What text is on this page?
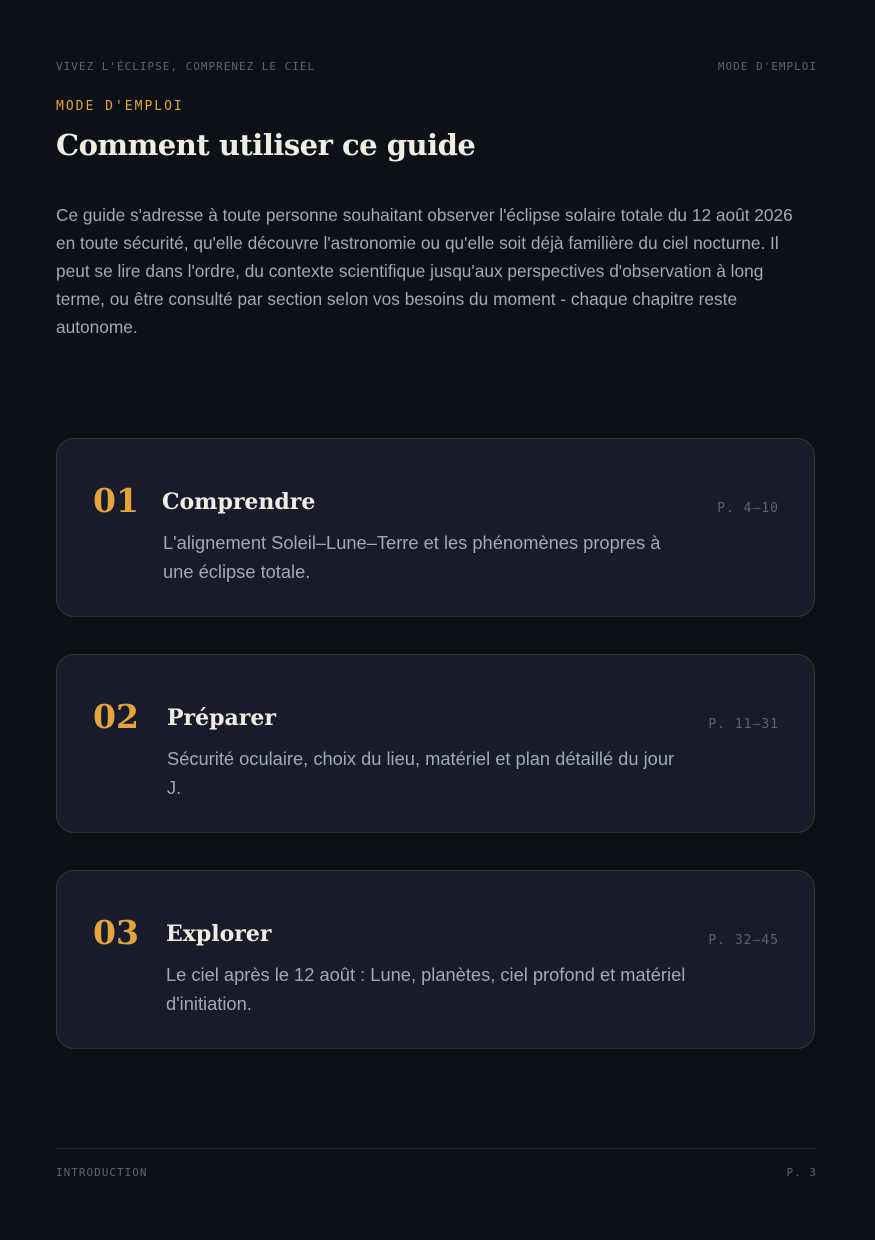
VIVEZ L'ÉCLIPSE, COMPRENEZ LE CIEL	MODE D'EMPLOI
MODE D'EMPLOI
Comment utiliser ce guide

Ce guide s'adresse à toute personne souhaitant observer l'éclipse solaire totale du 12 août 2026 en toute sécurité, qu'elle découvre l'astronomie ou qu'elle soit déjà familière du ciel nocturne. Il peut se lire dans l'ordre, du contexte scientifique jusqu'aux perspectives d'observation à long terme, ou être consulté par section selon vos besoins du moment - chaque chapitre reste autonome.

01 Comprendre

L'alignement Soleil–Lune–Terre et les phénomènes propres à une éclipse totale.

P. 4–10
02 Préparer

Sécurité oculaire, choix du lieu, matériel et plan détaillé du jour J.

P. 11–31
03 Explorer

Le ciel après le 12 août : Lune, planètes, ciel profond et matériel d'initiation.

P. 32–45
INTRODUCTION	P. 3
